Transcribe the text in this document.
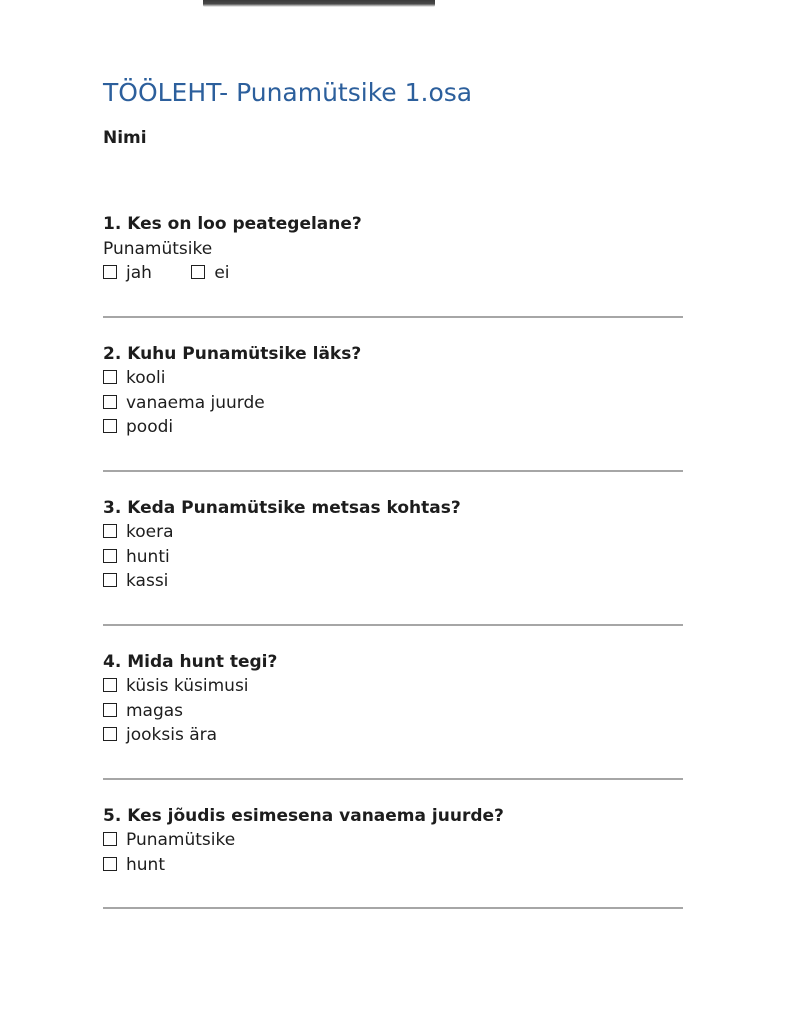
TÖÖLEHT- Punamütsike 1.osa
Nimi
1. Kes on loo peategelane?
Punamütsike
jah	ei
2. Kuhu Punamütsike läks?
kooli
vanaema juurde
poodi
3. Keda Punamütsike metsas kohtas?
koera
hunti
kassi
4. Mida hunt tegi?
küsis küsimusi
magas
jooksis ära
5. Kes jõudis esimesena vanaema juurde?
Punamütsike
hunt
